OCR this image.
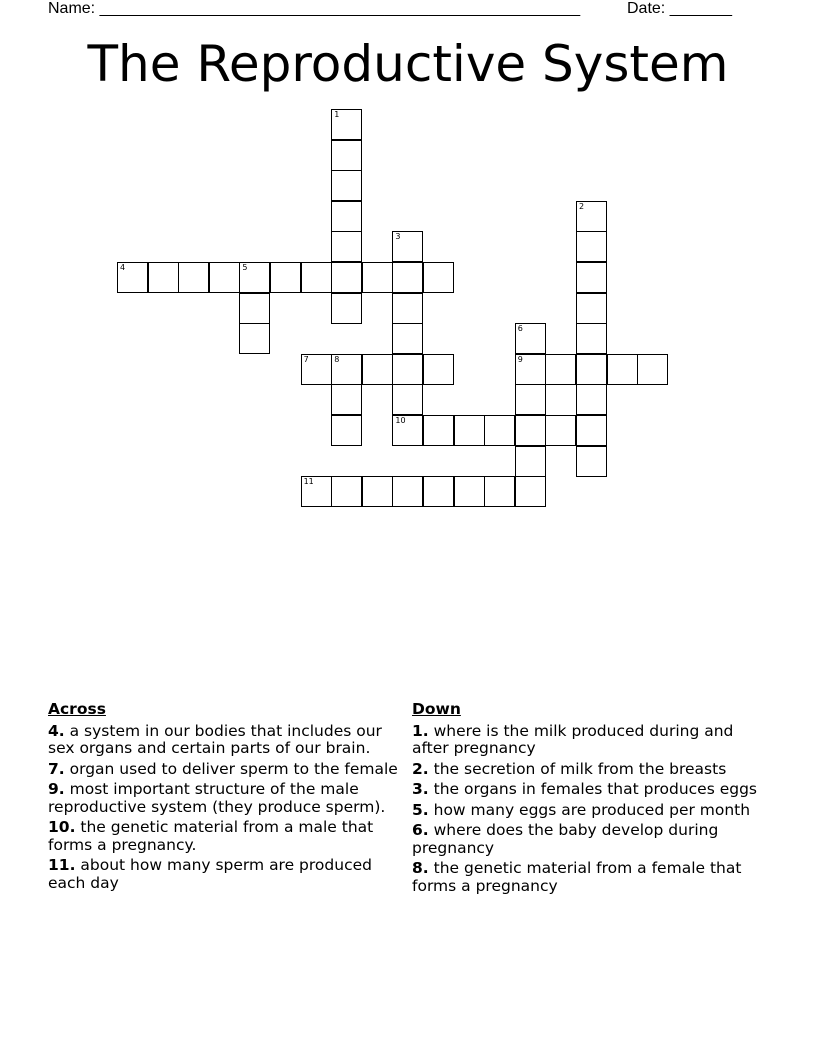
Name: ______________________________________________________	Date: _______
The Reproductive System
1
4	5
3
2
7	8
6
9
10
11
Across
4. a system in our bodies that includes our sex organs and certain parts of our brain.
7. organ used to deliver sperm to the female
9. most important structure of the male reproductive system (they produce sperm).
10. the genetic material from a male that forms a pregnancy.
11. about how many sperm are produced each day
Down
1. where is the milk produced during and after pregnancy
2. the secretion of milk from the breasts
3. the organs in females that produces eggs
5. how many eggs are produced per month
6. where does the baby develop during pregnancy
8. the genetic material from a female that forms a pregnancy
